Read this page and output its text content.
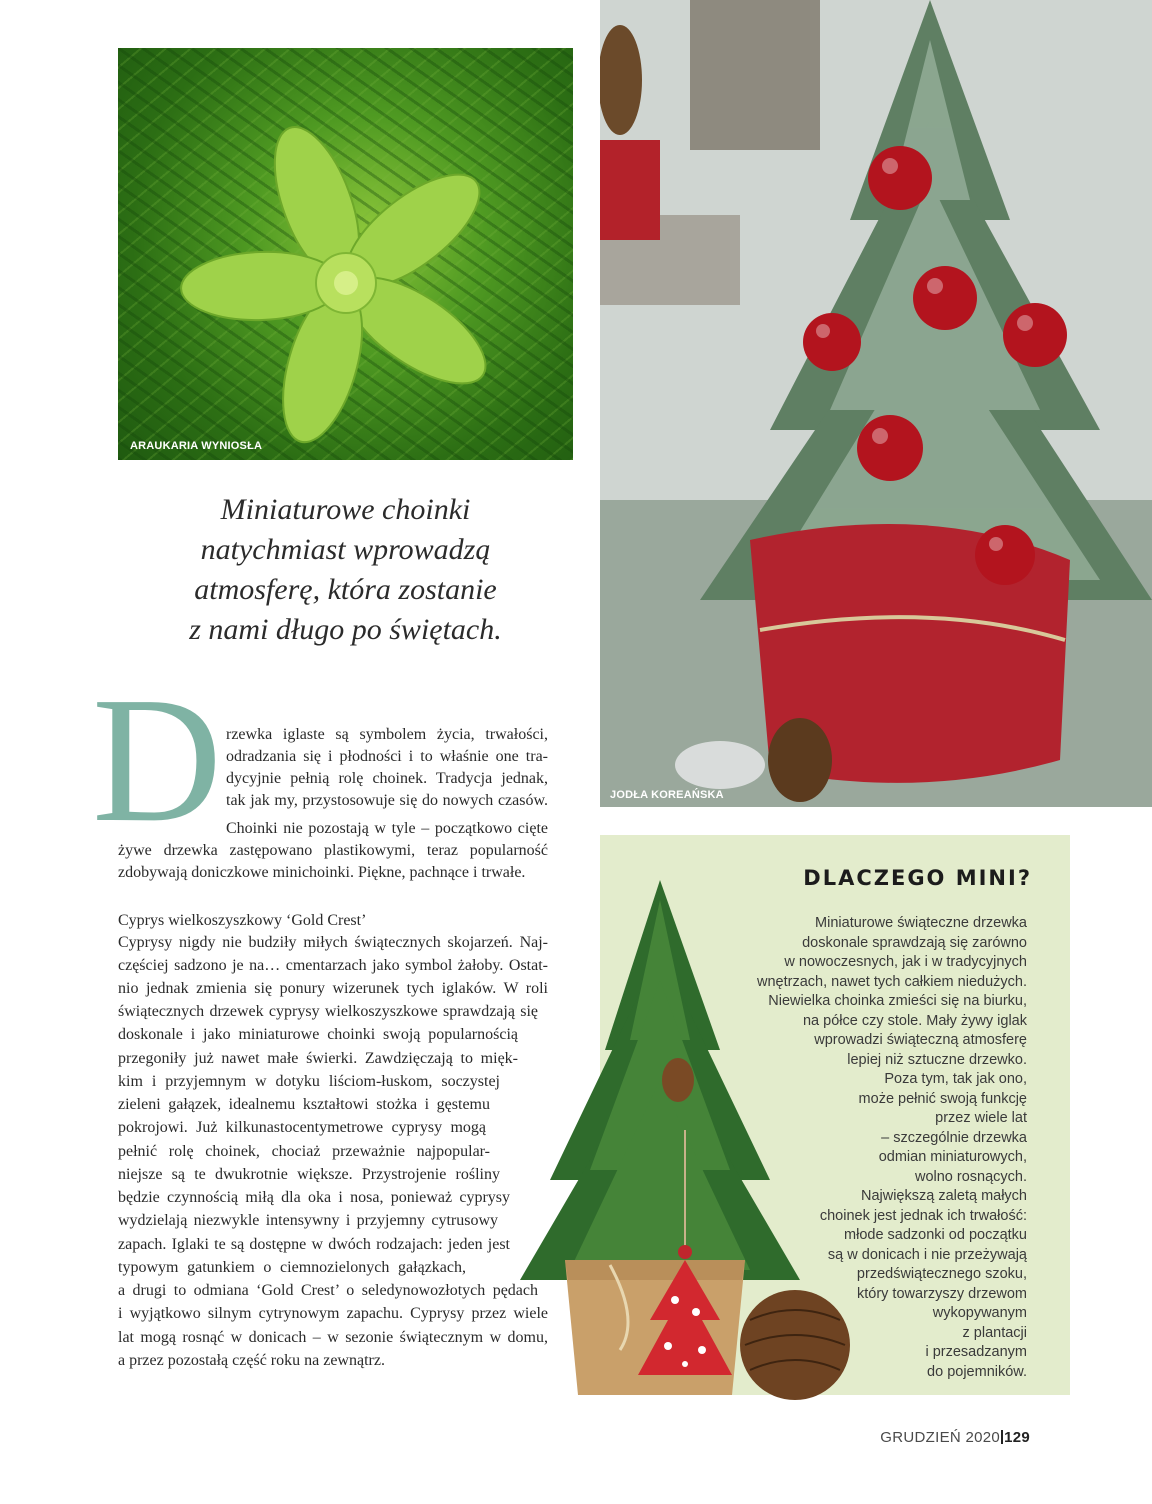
ARAUKARIA WYNIOSŁA
JODŁA KOREAŃSKA
Miniaturowe choinki
natychmiast wprowadzą
atmosferę, która zostanie
z nami długo po świętach.
D rzewka iglaste są symbolem życia, trwałości,
odradzania się i płodności i to właśnie one tra-
dycyjnie pełnią rolę choinek. Tradycja jednak,
tak jak my, przystosowuje się do nowych czasów.
Choinki nie pozostają w tyle – początkowo cięte
żywe drzewka zastępowano plastikowymi, teraz popularność
zdobywają doniczkowe minichoinki. Piękne, pachnące i trwałe.
Cyprys wielkoszyszkowy ‘Gold Crest’
Cyprysy nigdy nie budziły miłych świątecznych skojarzeń. Naj-
częściej sadzono je na… cmentarzach jako symbol żałoby. Ostat-
nio jednak zmienia się ponury wizerunek tych iglaków. W roli
świątecznych drzewek cyprysy wielkoszyszkowe sprawdzają się
doskonale i jako miniaturowe choinki swoją popularnością
przegoniły już nawet małe świerki. Zawdzięczają to mięk-
kim i przyjemnym w dotyku liściom-łuskom, soczystej
zieleni gałązek, idealnemu kształtowi stożka i gęstemu
pokrojowi. Już kilkunastocentymetrowe cyprysy mogą
pełnić rolę choinek, chociaż przeważnie najpopular-
niejsze są te dwukrotnie większe. Przystrojenie rośliny
będzie czynnością miłą dla oka i nosa, ponieważ cyprysy
wydzielają niezwykle intensywny i przyjemny cytrusowy
zapach. Iglaki te są dostępne w dwóch rodzajach: jeden jest
typowym gatunkiem o ciemnozielonych gałązkach,
a drugi to odmiana ‘Gold Crest’ o seledynowozłotych pędach
i wyjątkowo silnym cytrynowym zapachu. Cyprysy przez wiele
lat mogą rosnąć w donicach – w sezonie świątecznym w domu,
a przez pozostałą część roku na zewnątrz.
DLACZEGO MINI?
Miniaturowe świąteczne drzewka
doskonale sprawdzają się zarówno
w nowoczesnych, jak i w tradycyjnych
wnętrzach, nawet tych całkiem niedużych.
Niewielka choinka zmieści się na biurku,
na półce czy stole. Mały żywy iglak
wprowadzi świąteczną atmosferę
lepiej niż sztuczne drzewko.
Poza tym, tak jak ono,
może pełnić swoją funkcję
przez wiele lat
– szczególnie drzewka
odmian miniaturowych,
wolno rosnących.
Największą zaletą małych
choinek jest jednak ich trwałość:
młode sadzonki od początku
są w donicach i nie przeżywają
przedświątecznego szoku,
który towarzyszy drzewom
wykopywanym
z plantacji
i przesadzanym
do pojemników.
GRUDZIEŃ 2020 129
